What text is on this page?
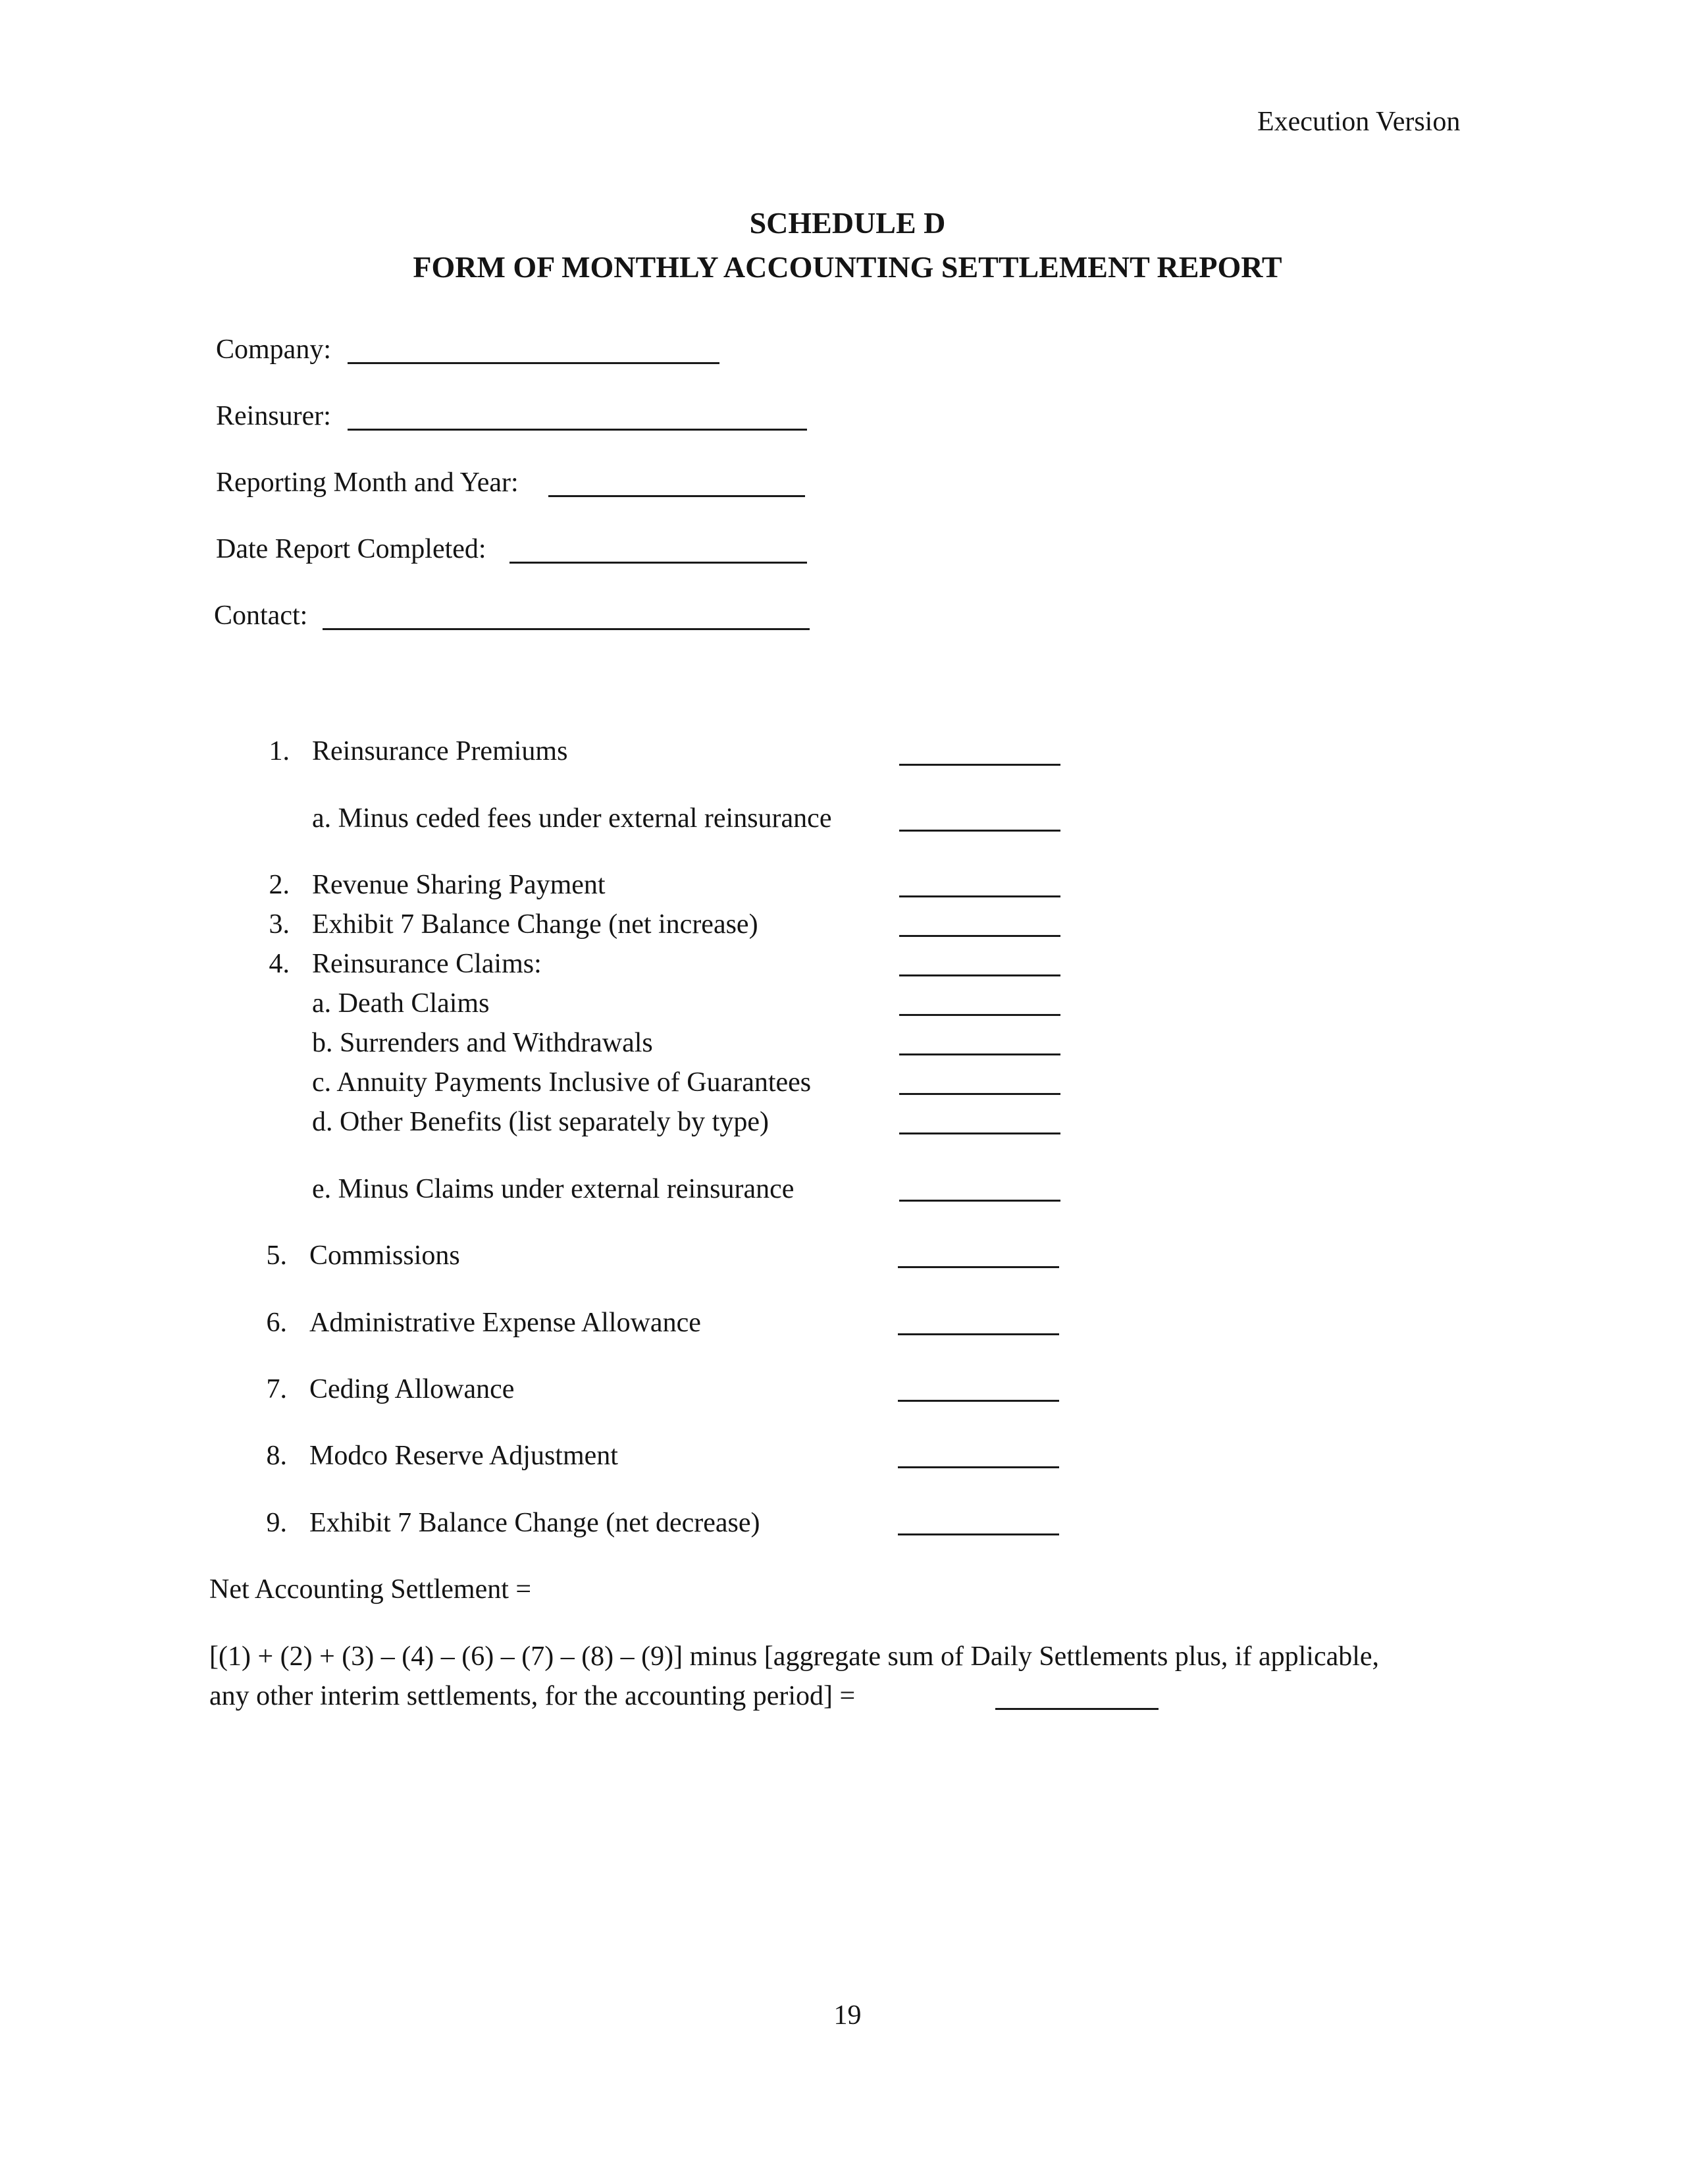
Execution Version
SCHEDULE D
FORM OF MONTHLY ACCOUNTING SETTLEMENT REPORT
Company:
Reinsurer:
Reporting Month and Year:
Date Report Completed:
Contact:
1. Reinsurance Premiums
a. Minus ceded fees under external reinsurance
2. Revenue Sharing Payment
3. Exhibit 7 Balance Change (net increase)
4. Reinsurance Claims:
a. Death Claims
b. Surrenders and Withdrawals
c. Annuity Payments Inclusive of Guarantees
d. Other Benefits (list separately by type)
e. Minus Claims under external reinsurance
5. Commissions
6. Administrative Expense Allowance
7. Ceding Allowance
8. Modco Reserve Adjustment
9. Exhibit 7 Balance Change (net decrease)
Net Accounting Settlement =
[(1) + (2) + (3) – (4) – (6) – (7) – (8) – (9)] minus [aggregate sum of Daily Settlements plus, if applicable,
any other interim settlements, for the accounting period] =
19
